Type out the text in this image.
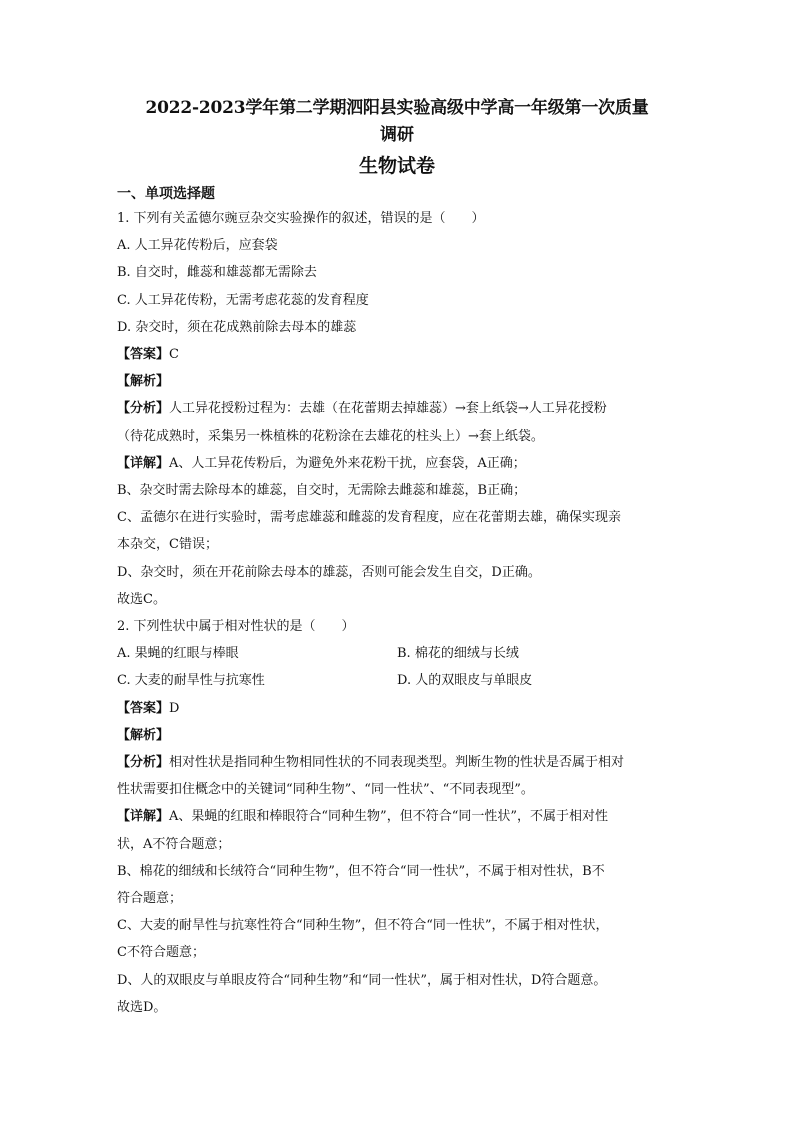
2022-2023学年第二学期泗阳县实验高级中学高一年级第一次质量
调研
生物试卷
一、单项选择题
1. 下列有关孟德尔豌豆杂交实验操作的叙述，错误的是（　　）
A. 人工异花传粉后，应套袋
B. 自交时，雌蕊和雄蕊都无需除去
C. 人工异花传粉，无需考虑花蕊的发育程度
D. 杂交时，须在花成熟前除去母本的雄蕊
【答案】C
【解析】
【分析】人工异花授粉过程为：去雄（在花蕾期去掉雄蕊）→套上纸袋→人工异花授粉
（待花成熟时，采集另一株植株的花粉涂在去雄花的柱头上）→套上纸袋。
【详解】A、人工异花传粉后，为避免外来花粉干扰，应套袋，A正确；
B、杂交时需去除母本的雄蕊，自交时，无需除去雌蕊和雄蕊，B正确；
C、孟德尔在进行实验时，需考虑雄蕊和雌蕊的发育程度，应在花蕾期去雄，确保实现亲
本杂交，C错误；
D、杂交时，须在开花前除去母本的雄蕊，否则可能会发生自交，D正确。
故选C。
2. 下列性状中属于相对性状的是（　　）
A. 果蝇的红眼与棒眼	B. 棉花的细绒与长绒
C. 大麦的耐旱性与抗寒性	D. 人的双眼皮与单眼皮
【答案】D
【解析】
【分析】相对性状是指同种生物相同性状的不同表现类型。判断生物的性状是否属于相对
性状需要扣住概念中的关键词“同种生物”、“同一性状”、“不同表现型”。
【详解】A、果蝇的红眼和棒眼符合“同种生物”，但不符合“同一性状”，不属于相对性
状，A不符合题意；
B、棉花的细绒和长绒符合“同种生物”，但不符合“同一性状”，不属于相对性状，B不
符合题意；
C、大麦的耐旱性与抗寒性符合“同种生物”，但不符合“同一性状”，不属于相对性状，
C不符合题意；
D、人的双眼皮与单眼皮符合“同种生物”和“同一性状”，属于相对性状，D符合题意。
故选D。
